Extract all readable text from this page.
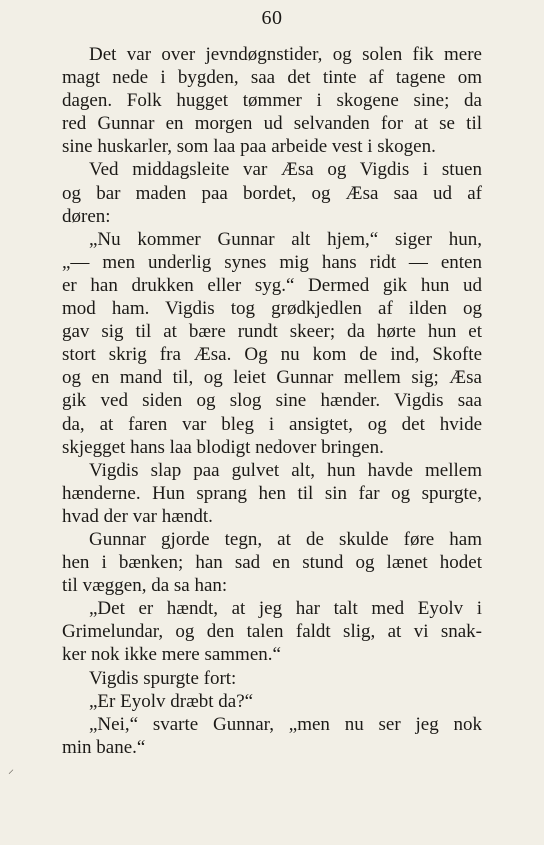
60
Det var over jevndøgnstider, og solen fik mere
magt nede i bygden, saa det tinte af tagene om
dagen. Folk hugget tømmer i skogene sine; da
red Gunnar en morgen ud selvanden for at se til
sine huskarler, som laa paa arbeide vest i skogen.
Ved middagsleite var Æsa og Vigdis i stuen
og bar maden paa bordet, og Æsa saa ud af
døren:
„Nu kommer Gunnar alt hjem,“ siger hun,
„— men underlig synes mig hans ridt — enten
er han drukken eller syg.“ Dermed gik hun ud
mod ham. Vigdis tog grødkjedlen af ilden og
gav sig til at bære rundt skeer; da hørte hun et
stort skrig fra Æsa. Og nu kom de ind, Skofte
og en mand til, og leiet Gunnar mellem sig; Æsa
gik ved siden og slog sine hænder. Vigdis saa
da, at faren var bleg i ansigtet, og det hvide
skjegget hans laa blodigt nedover bringen.
Vigdis slap paa gulvet alt, hun havde mellem
hænderne. Hun sprang hen til sin far og spurgte,
hvad der var hændt.
Gunnar gjorde tegn, at de skulde føre ham
hen i bænken; han sad en stund og lænet hodet
til væggen, da sa han:
„Det er hændt, at jeg har talt med Eyolv i
Grimelundar, og den talen faldt slig, at vi snak-
ker nok ikke mere sammen.“
Vigdis spurgte fort:
„Er Eyolv dræbt da?“
„Nei,“ svarte Gunnar, „men nu ser jeg nok
min bane.“
⸝
